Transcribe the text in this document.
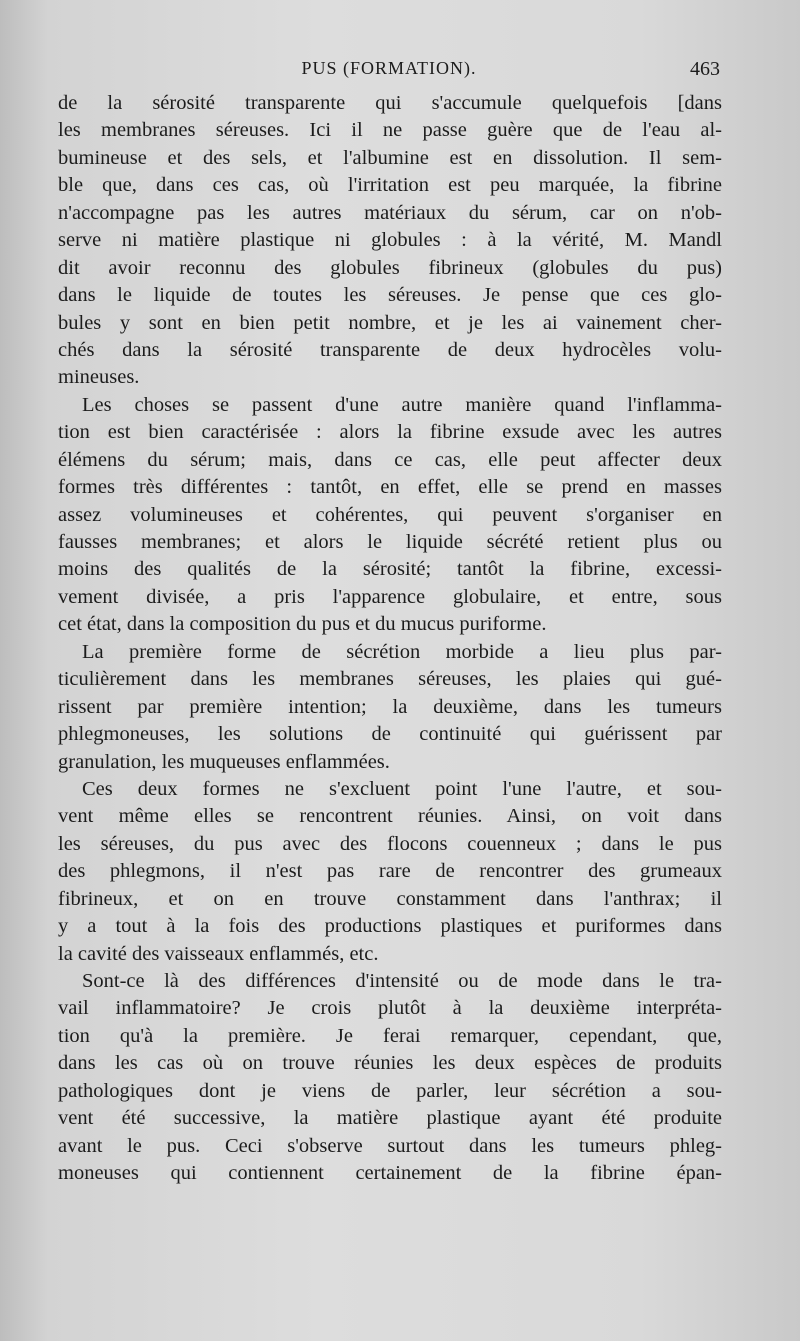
PUS (FORMATION).	463
de la sérosité transparente qui s'accumule quelquefois [dans
les membranes séreuses. Ici il ne passe guère que de l'eau al-
bumineuse et des sels, et l'albumine est en dissolution. Il sem-
ble que, dans ces cas, où l'irritation est peu marquée, la fibrine
n'accompagne pas les autres matériaux du sérum, car on n'ob-
serve ni matière plastique ni globules : à la vérité, M. Mandl
dit avoir reconnu des globules fibrineux (globules du pus)
dans le liquide de toutes les séreuses. Je pense que ces glo-
bules y sont en bien petit nombre, et je les ai vainement cher-
chés dans la sérosité transparente de deux hydrocèles volu-
mineuses.
Les choses se passent d'une autre manière quand l'inflamma-
tion est bien caractérisée : alors la fibrine exsude avec les autres
élémens du sérum; mais, dans ce cas, elle peut affecter deux
formes très différentes : tantôt, en effet, elle se prend en masses
assez volumineuses et cohérentes, qui peuvent s'organiser en
fausses membranes; et alors le liquide sécrété retient plus ou
moins des qualités de la sérosité; tantôt la fibrine, excessi-
vement divisée, a pris l'apparence globulaire, et entre, sous
cet état, dans la composition du pus et du mucus puriforme.
La première forme de sécrétion morbide a lieu plus par-
ticulièrement dans les membranes séreuses, les plaies qui gué-
rissent par première intention; la deuxième, dans les tumeurs
phlegmoneuses, les solutions de continuité qui guérissent par
granulation, les muqueuses enflammées.
Ces deux formes ne s'excluent point l'une l'autre, et sou-
vent même elles se rencontrent réunies. Ainsi, on voit dans
les séreuses, du pus avec des flocons couenneux ; dans le pus
des phlegmons, il n'est pas rare de rencontrer des grumeaux
fibrineux, et on en trouve constamment dans l'anthrax; il
y a tout à la fois des productions plastiques et puriformes dans
la cavité des vaisseaux enflammés, etc.
Sont-ce là des différences d'intensité ou de mode dans le tra-
vail inflammatoire? Je crois plutôt à la deuxième interpréta-
tion qu'à la première. Je ferai remarquer, cependant, que,
dans les cas où on trouve réunies les deux espèces de produits
pathologiques dont je viens de parler, leur sécrétion a sou-
vent été successive, la matière plastique ayant été produite
avant le pus. Ceci s'observe surtout dans les tumeurs phleg-
moneuses qui contiennent certainement de la fibrine épan-
